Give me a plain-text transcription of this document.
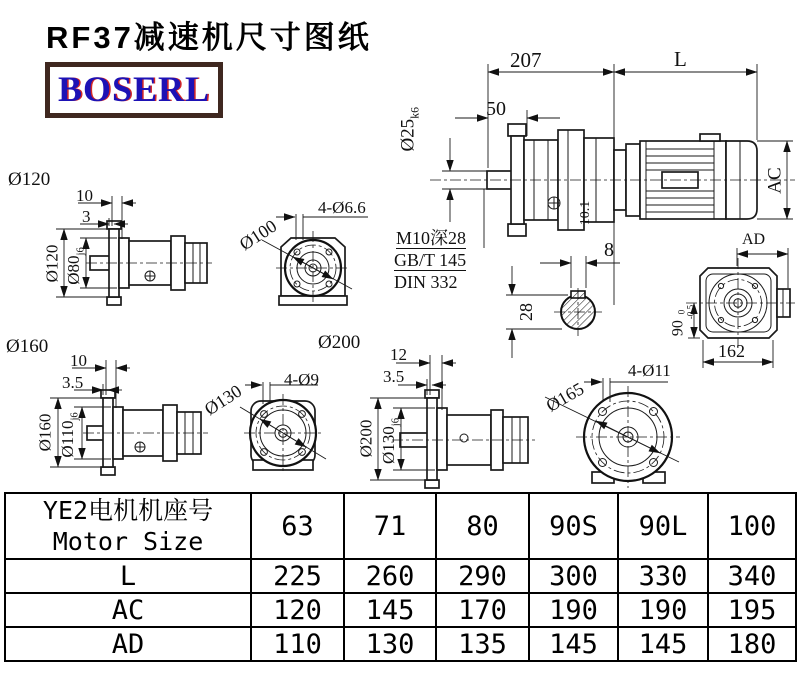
RF37减速机尺寸图纸
BOSERL
207	L
50
$Ø25_{k6}$
AC
10.1
M10深28
GB/T 145
DIN 332
8
28
AD
90
0 -0.5
162
Ø120
10
3
Ø120 $Ø80_{j6}$
4-Ø6.6
Ø100
Ø160
10
3.5
Ø160 $Ø110_{j6}$
4-Ø9
Ø130
Ø200
12
3.5
Ø200 $Ø130_{j6}$
4-Ø11
Ø165
YE2电机机座号
Motor Size	63	71	80	90S	90L	100
L	225	260	290	300	330	340
AC	120	145	170	190	190	195
AD	110	130	135	145	145	180
